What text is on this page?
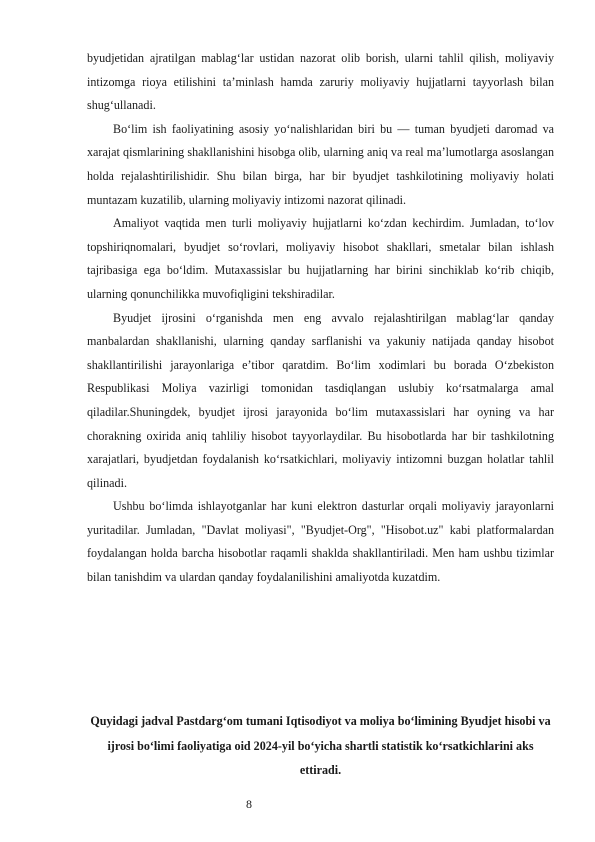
byudjetidan ajratilgan mablag‘lar ustidan nazorat olib borish, ularni tahlil qilish, moliyaviy intizomga rioya etilishini ta’minlash hamda zaruriy moliyaviy hujjatlarni tayyorlash bilan shug‘ullanadi.

Bo‘lim ish faoliyatining asosiy yo‘nalishlaridan biri bu — tuman byudjeti daromad va xarajat qismlarining shakllanishini hisobga olib, ularning aniq va real ma’lumotlarga asoslangan holda rejalashtirilishidir. Shu bilan birga, har bir byudjet tashkilotining moliyaviy holati muntazam kuzatilib, ularning moliyaviy intizomi nazorat qilinadi.

Amaliyot vaqtida men turli moliyaviy hujjatlarni ko‘zdan kechirdim. Jumladan, to‘lov topshiriqnomalari, byudjet so‘rovlari, moliyaviy hisobot shakllari, smetalar bilan ishlash tajribasiga ega bo‘ldim. Mutaxassislar bu hujjatlarning har birini sinchiklab ko‘rib chiqib, ularning qonunchilikka muvofiqligini tekshiradilar.

Byudjet ijrosini o‘rganishda men eng avvalo rejalashtirilgan mablag‘lar qanday manbalardan shakllanishi, ularning qanday sarflanishi va yakuniy natijada qanday hisobot shakllantirilishi jarayonlariga e’tibor qaratdim. Bo‘lim xodimlari bu borada O‘zbekiston Respublikasi Moliya vazirligi tomonidan tasdiqlangan uslubiy ko‘rsatmalarga amal qiladilar.Shuningdek, byudjet ijrosi jarayonida bo‘lim mutaxassislari har oyning va har chorakning oxirida aniq tahliliy hisobot tayyorlaydilar. Bu hisobotlarda har bir tashkilotning xarajatlari, byudjetdan foydalanish ko‘rsatkichlari, moliyaviy intizomni buzgan holatlar tahlil qilinadi.

Ushbu bo‘limda ishlayotganlar har kuni elektron dasturlar orqali moliyaviy jarayonlarni yuritadilar. Jumladan, "Davlat moliyasi", "Byudjet-Org", "Hisobot.uz" kabi platformalardan foydalangan holda barcha hisobotlar raqamli shaklda shakllantiriladi. Men ham ushbu tizimlar bilan tanishdim va ulardan qanday foydalanilishini amaliyotda kuzatdim.

Quyidagi jadval Pastdarg‘om tumani Iqtisodiyot va moliya bo‘limining Byudjet hisobi va ijrosi bo‘limi faoliyatiga oid 2024-yil bo‘yicha shartli statistik ko‘rsatkichlarini aks ettiradi.

8
